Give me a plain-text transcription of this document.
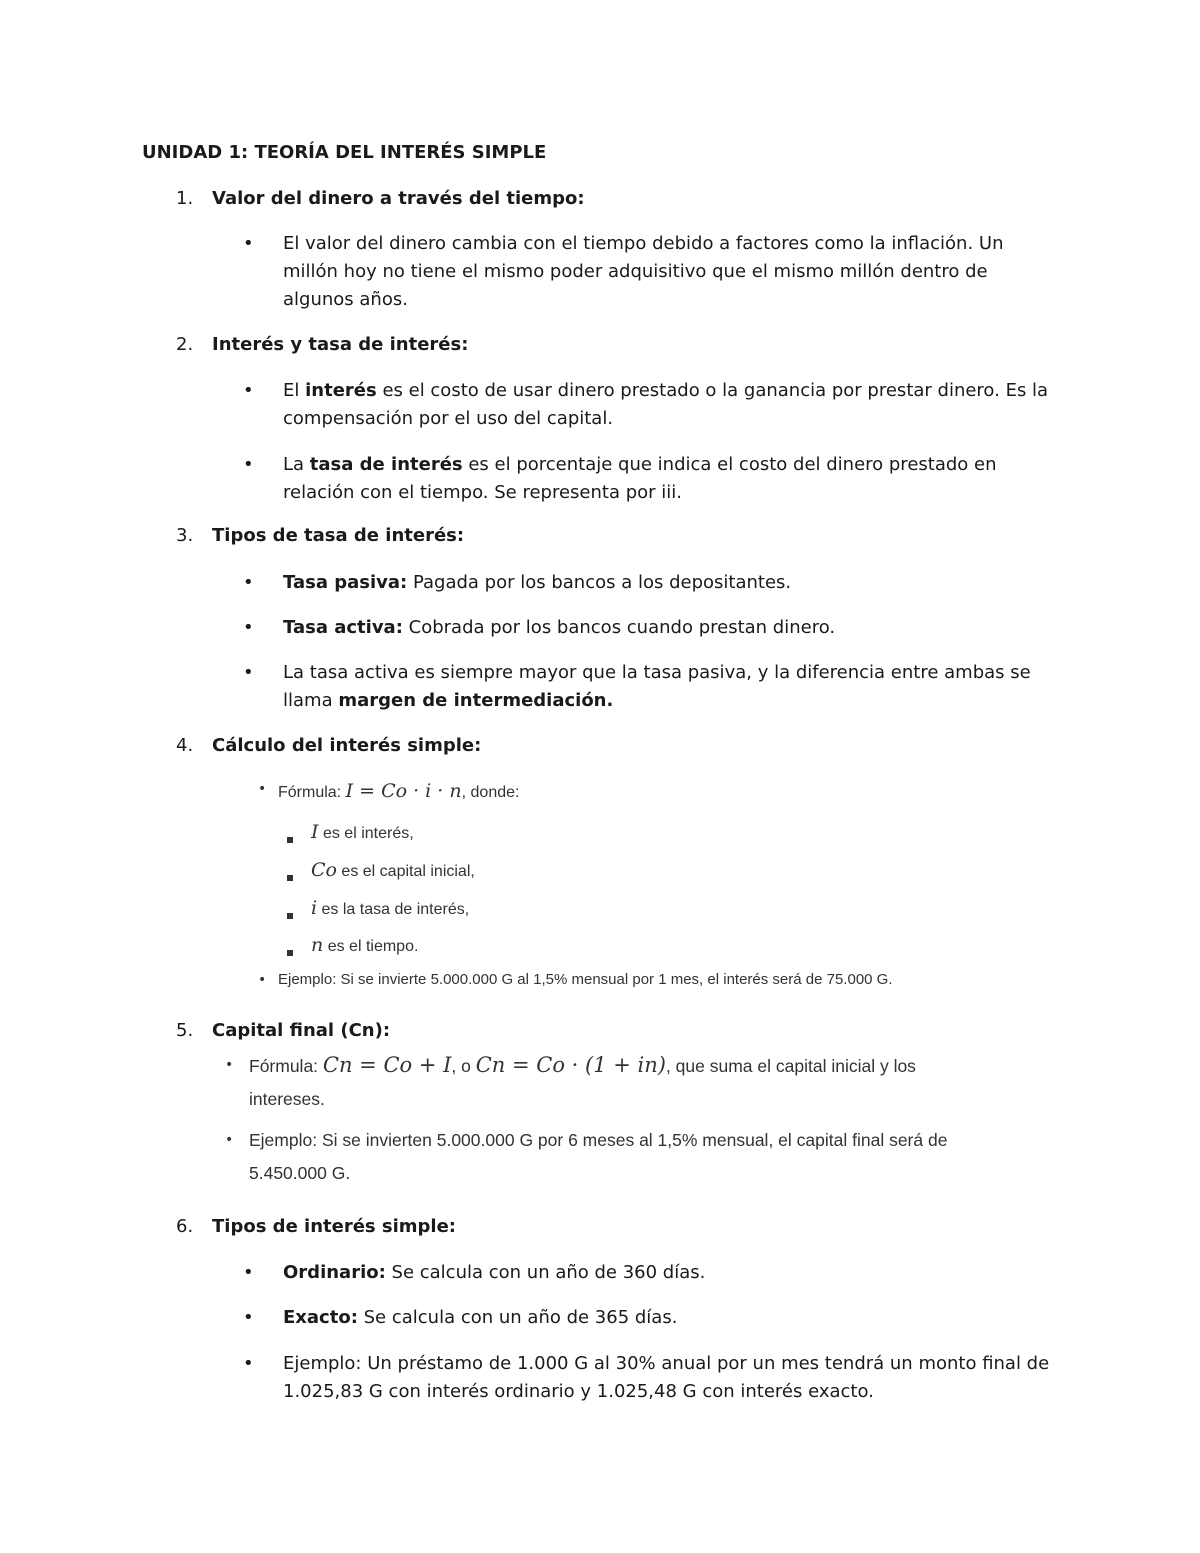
UNIDAD 1: TEORÍA DEL INTERÉS SIMPLE
1. Valor del dinero a través del tiempo:
• El valor del dinero cambia con el tiempo debido a factores como la inflación. Un
millón hoy no tiene el mismo poder adquisitivo que el mismo millón dentro de
algunos años.
2. Interés y tasa de interés:
• El interés es el costo de usar dinero prestado o la ganancia por prestar dinero. Es la
compensación por el uso del capital.
• La tasa de interés es el porcentaje que indica el costo del dinero prestado en
relación con el tiempo. Se representa por iii.
3. Tipos de tasa de interés:
• Tasa pasiva: Pagada por los bancos a los depositantes.
• Tasa activa: Cobrada por los bancos cuando prestan dinero.
• La tasa activa es siempre mayor que la tasa pasiva, y la diferencia entre ambas se
llama margen de intermediación.
4. Cálculo del interés simple:
• Fórmula: I = Co · i · n, donde:
I es el interés,
Co es el capital inicial,
i es la tasa de interés,
n es el tiempo.
• Ejemplo: Si se invierte 5.000.000 G al 1,5% mensual por 1 mes, el interés será de 75.000 G.
5. Capital final (Cn):
• Fórmula: Cn = Co + I, o Cn = Co · (1 + in), que suma el capital inicial y los
intereses.
• Ejemplo: Si se invierten 5.000.000 G por 6 meses al 1,5% mensual, el capital final será de
5.450.000 G.
6. Tipos de interés simple:
• Ordinario: Se calcula con un año de 360 días.
• Exacto: Se calcula con un año de 365 días.
• Ejemplo: Un préstamo de 1.000 G al 30% anual por un mes tendrá un monto final de
1.025,83 G con interés ordinario y 1.025,48 G con interés exacto.
